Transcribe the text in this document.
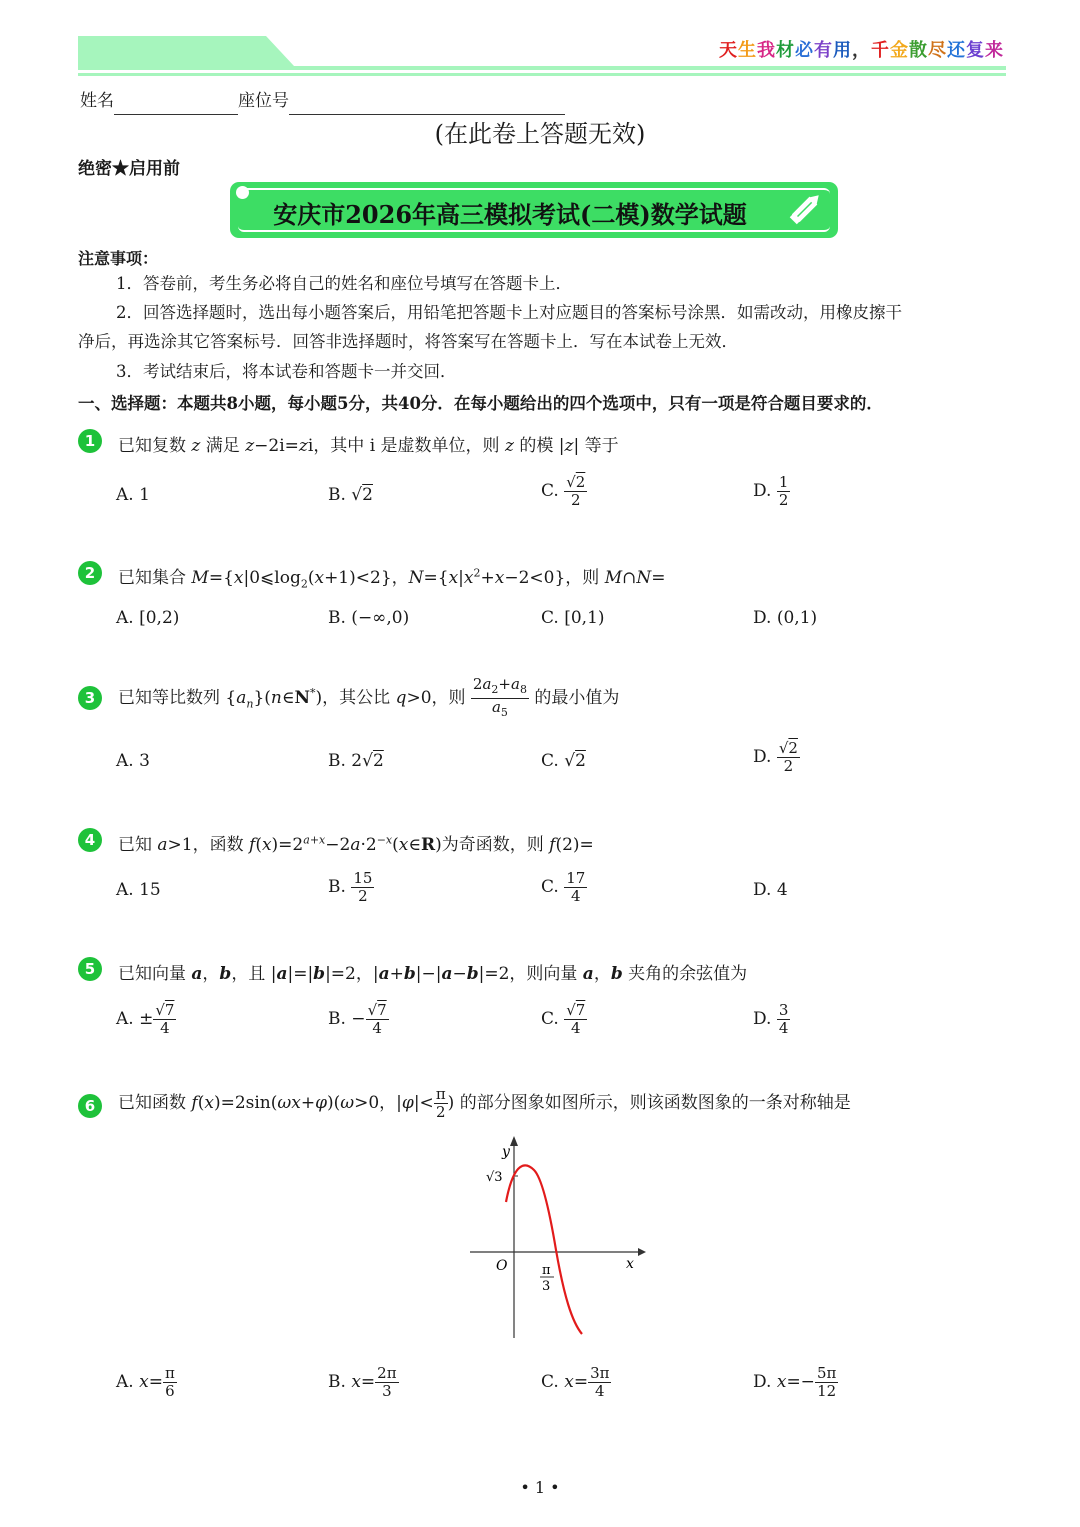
天生我材必有用，千金散尽还复来
姓名	座位号
(在此卷上答题无效)
绝密★启用前
安庆市2026年高三模拟考试(二模)数学试题
注意事项：
1．答卷前，考生务必将自己的姓名和座位号填写在答题卡上．
2．回答选择题时，选出每小题答案后，用铅笔把答题卡上对应题目的答案标号涂黑．如需改动，用橡皮擦干
净后，再选涂其它答案标号．回答非选择题时，将答案写在答题卡上．写在本试卷上无效．
3．考试结束后，将本试卷和答题卡一并交回．
一、选择题：本题共8小题，每小题5分，共40分．在每小题给出的四个选项中，只有一项是符合题目要求的．
1	已知复数 z 满足 z−2i=zi，其中 i 是虚数单位，则 z 的模 |z| 等于
A. 1	B. √2	C. $\frac{√2}{2}$	D. $\frac{1}{2}$
2	已知集合 $M=\{x|0⩽\log_2(x+1)<2\}$，$N=\{x|x^2+x-2<0\}$，则 M∩N=
A. [0,2)	B. (−∞,0)	C. [0,1)	D. (0,1)
3	已知等比数列 $\{a_n\}(n\in N^*)$，其公比 q>0，则 $\frac{2a_2+a_8}{a_5}$ 的最小值为
A. 3	B. 2√2	C. √2	D. $\frac{√2}{2}$
4	已知 a>1，函数 $f(x)=2^{a+x}-2a\cdot 2^{-x}(x\in R)$为奇函数，则 f(2)=
A. 15	B. $\frac{15}{2}$	C. $\frac{17}{4}$	D. 4
5	已知向量 a，b，且 |a|=|b|=2，|a+b|−|a−b|=2，则向量 a，b 夹角的余弦值为
A. ± $\frac{√7}{4}$	B. − $\frac{√7}{4}$	C. $\frac{√7}{4}$	D. $\frac{3}{4}$
6	已知函数 f(x)=2sin(ωx+φ)(ω>0，$|\varphi|< \frac{\pi}{2}$ ) 的部分图象如图所示，则该函数图象的一条对称轴是
y
x
O
√3
π
3
A. $x= \frac{\pi}{6}$	B. $x= \frac{2\pi}{3}$	C. $x= \frac{3\pi}{4}$	D. $x=- \frac{5\pi}{12}$
• 1 •
